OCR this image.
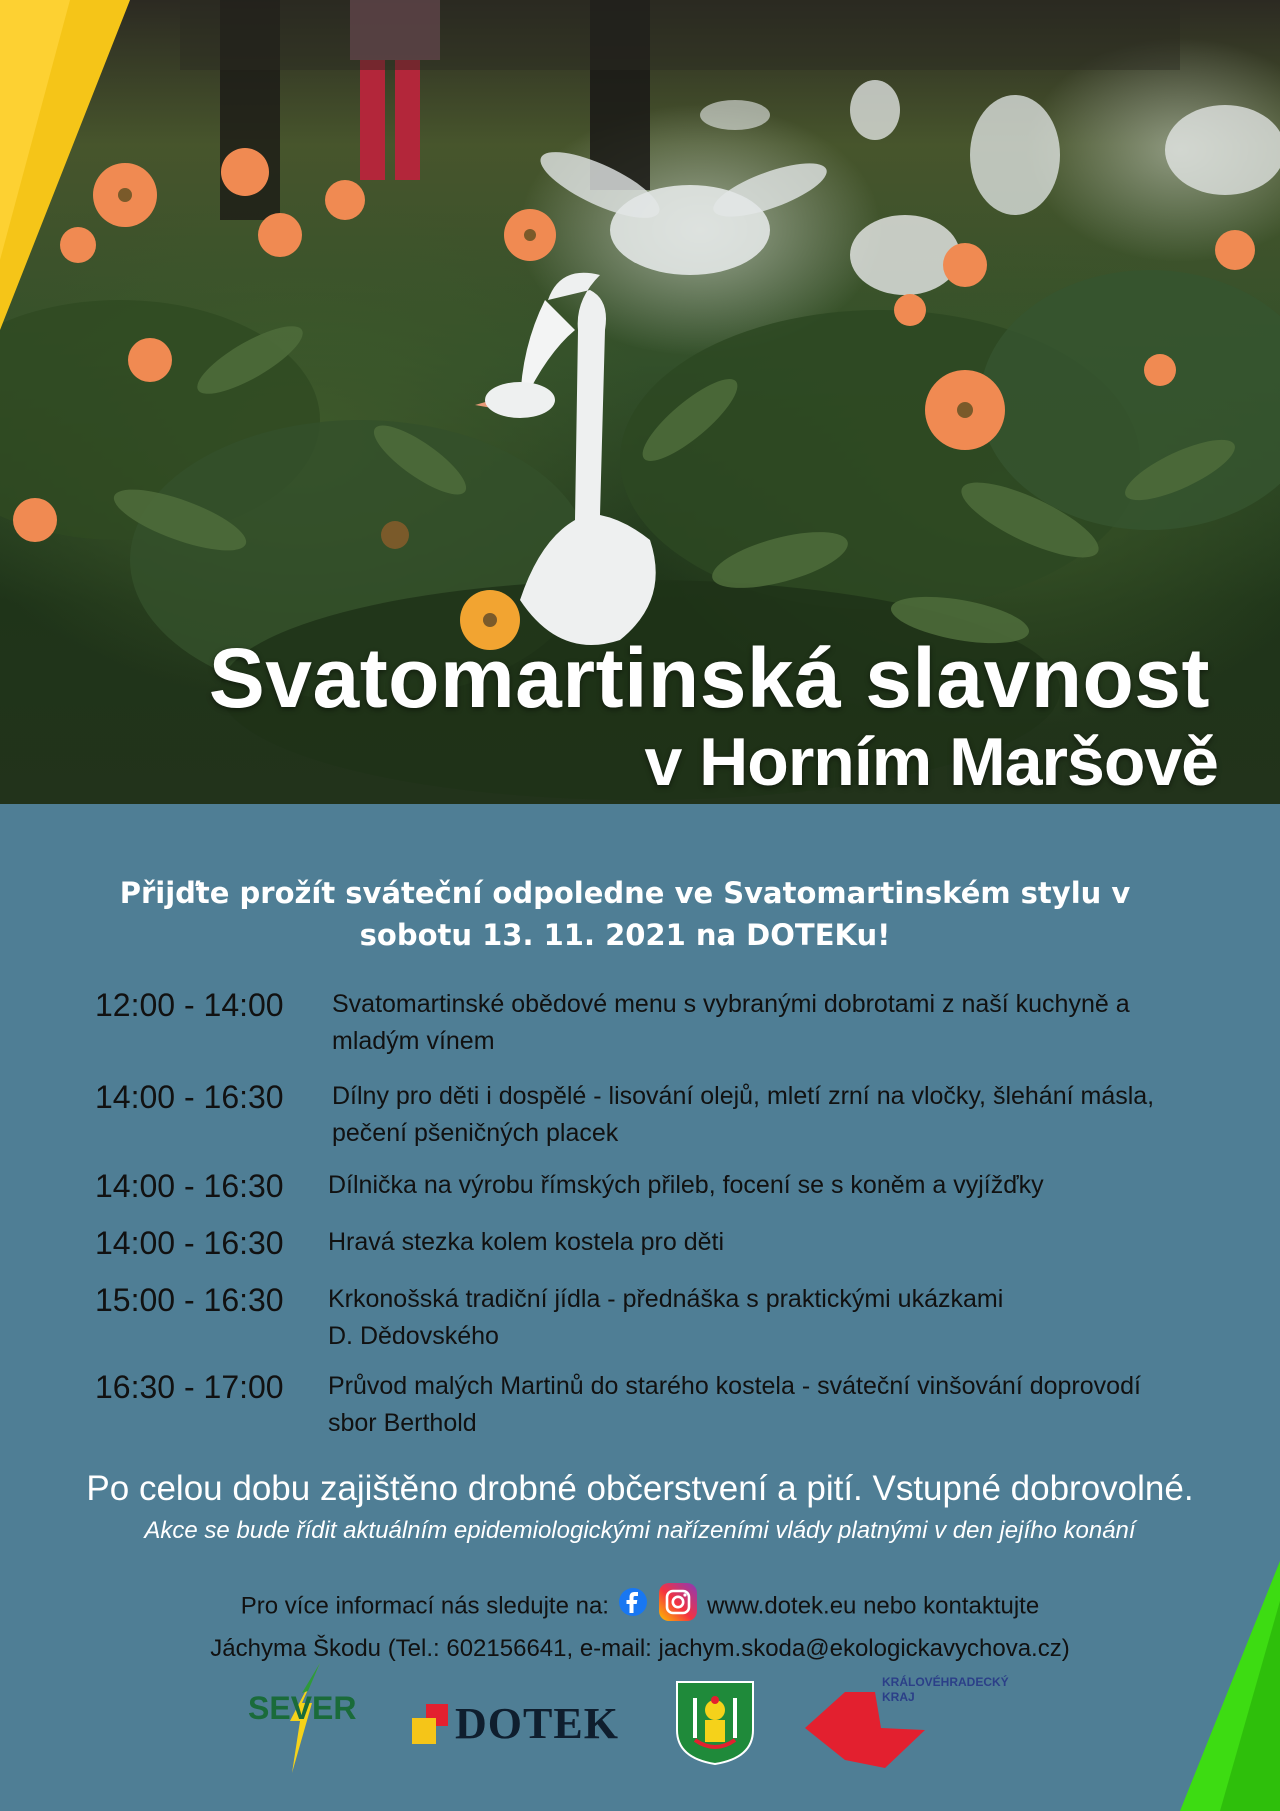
Svatomartinská slavnost
v Horním Maršově
Přijďte prožít sváteční odpoledne ve Svatomartinském stylu v
sobotu 13. 11. 2021 na DOTEKu!
12:00 - 14:00	Svatomartinské obědové menu s vybranými dobrotami z naší kuchyně a
mladým vínem
14:00 - 16:30	Dílny pro děti i dospělé - lisování olejů, mletí zrní na vločky, šlehání másla,
pečení pšeničných placek
14:00 - 16:30	Dílnička na výrobu římských přileb, focení se s koněm a vyjížďky
14:00 - 16:30	Hravá stezka kolem kostela pro děti
15:00 - 16:30	Krkonošská tradiční jídla - přednáška s praktickými ukázkami
D. Dědovského
16:30 - 17:00	Průvod malých Martinů do starého kostela - sváteční vinšování doprovodí
sbor Berthold
Po celou dobu zajištěno drobné občerstvení a pití. Vstupné dobrovolné.
Akce se bude řídit aktuálním epidemiologickými nařízeními vlády platnými v den jejího konání
Pro více informací nás sledujte na:	www.dotek.eu nebo kontaktujte
Jáchyma Škodu (Tel.: 602156641, e-mail: jachym.skoda@ekologickavychova.cz)
SEVER DOTEK
KRÁLOVÉHRADECKÝ
KRAJ
